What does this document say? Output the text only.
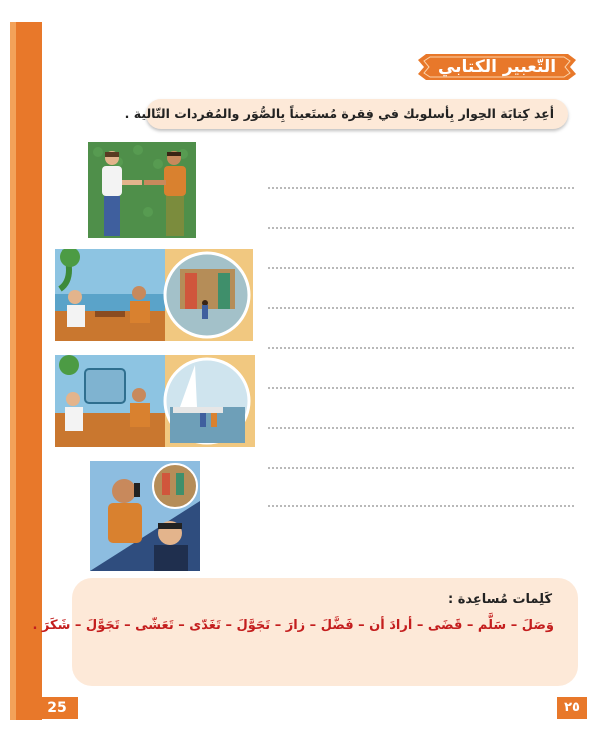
التّعبير الكتابي
أعِد كِتابَة الحِوار بِأسلوبك في فِقرة مُستَعيناً بِالصُّوَر والمُفردات التّالية .
كَلِمات مُساعِدة :
وَصَلَ – سَلَّم – قَضَى – أرادَ أن – فَضَّلَ – زارَ – تَجَوَّلَ – تَغَدّى – تَعَشّى – تَجَوَّلَ – شَكَرَ .
25	٢٥
